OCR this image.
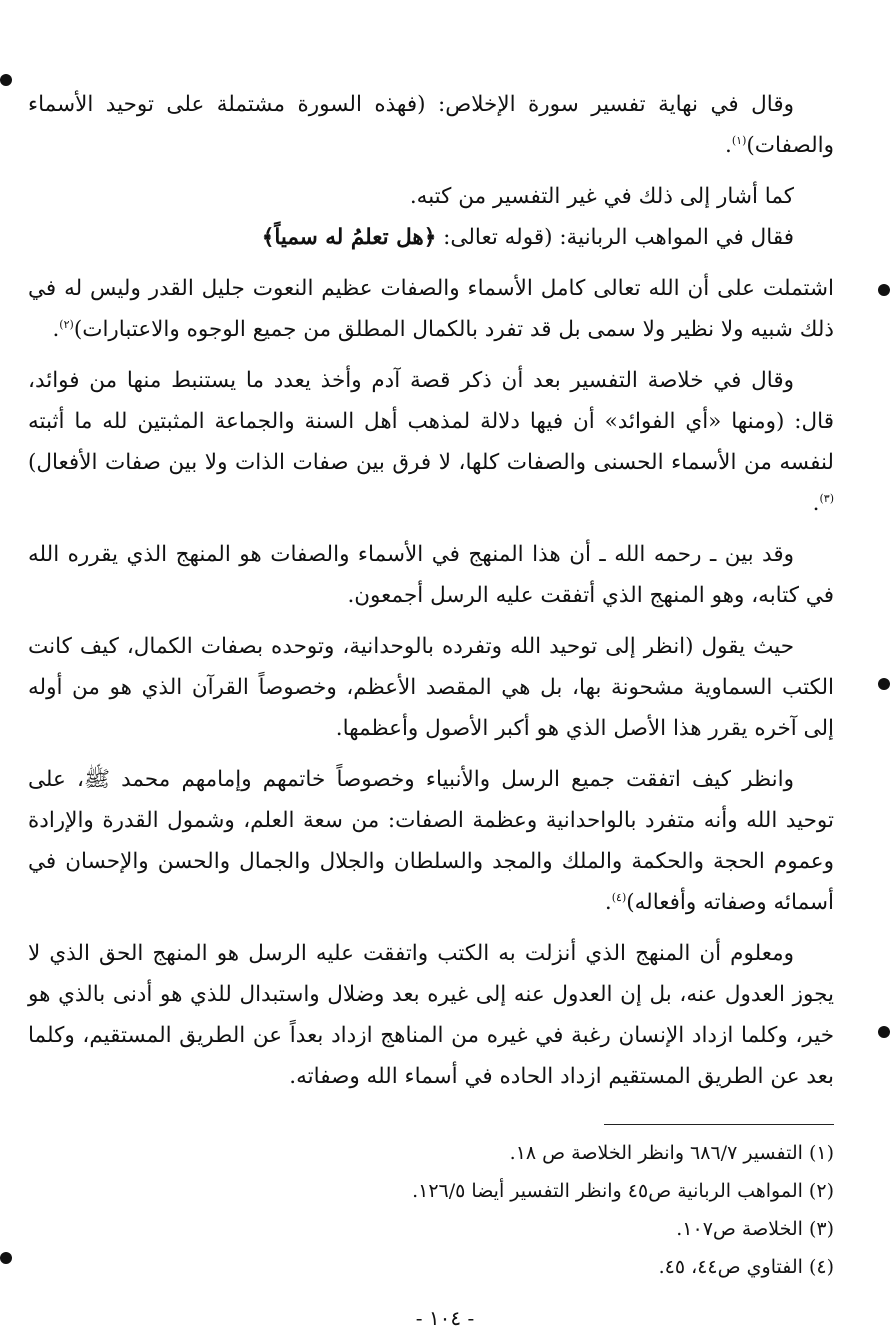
وقال في نهاية تفسير سورة الإخلاص: (فهذه السورة مشتملة على توحيد الأسماء والصفات)$^{(١)}$.

كما أشار إلى ذلك في غير التفسير من كتبه.

فقال في المواهب الربانية: (قوله تعالى: ﴿هل تعلمُ له سمياً﴾

اشتملت على أن الله تعالى كامل الأسماء والصفات عظيم النعوت جليل القدر وليس له في ذلك شبيه ولا نظير ولا سمى بل قد تفرد بالكمال المطلق من جميع الوجوه والاعتبارات)$^{(٢)}$.

وقال في خلاصة التفسير بعد أن ذكر قصة آدم وأخذ يعدد ما يستنبط منها من فوائد، قال: (ومنها «أي الفوائد» أن فيها دلالة لمذهب أهل السنة والجماعة المثبتين لله ما أثبته لنفسه من الأسماء الحسنى والصفات كلها، لا فرق بين صفات الذات ولا بين صفات الأفعال)$^{(٣)}$.

وقد بين ـ رحمه الله ـ أن هذا المنهج في الأسماء والصفات هو المنهج الذي يقرره الله في كتابه، وهو المنهج الذي أتفقت عليه الرسل أجمعون.

حيث يقول (انظر إلى توحيد الله وتفرده بالوحدانية، وتوحده بصفات الكمال، كيف كانت الكتب السماوية مشحونة بها، بل هي المقصد الأعظم، وخصوصاً القرآن الذي هو من أوله إلى آخره يقرر هذا الأصل الذي هو أكبر الأصول وأعظمها.

وانظر كيف اتفقت جميع الرسل والأنبياء وخصوصاً خاتمهم وإمامهم محمد ﷺ، على توحيد الله وأنه متفرد بالواحدانية وعظمة الصفات: من سعة العلم، وشمول القدرة والإرادة وعموم الحجة والحكمة والملك والمجد والسلطان والجلال والجمال والحسن والإحسان في أسمائه وصفاته وأفعاله)$^{(٤)}$.

ومعلوم أن المنهج الذي أنزلت به الكتب واتفقت عليه الرسل هو المنهج الحق الذي لا يجوز العدول عنه، بل إن العدول عنه إلى غيره بعد وضلال واستبدال للذي هو أدنى بالذي هو خير، وكلما ازداد الإنسان رغبة في غيره من المناهج ازداد بعداً عن الطريق المستقيم، وكلما بعد عن الطريق المستقيم ازداد الحاده في أسماء الله وصفاته.

(١) التفسير ٦٨٦/٧ وانظر الخلاصة ص ١٨.

(٢) المواهب الربانية ص٤٥ وانظر التفسير أيضا ١٢٦/٥.

(٣) الخلاصة ص١٠٧.

(٤) الفتاوي ص٤٤، ٤٥.

- ١٠٤ -
